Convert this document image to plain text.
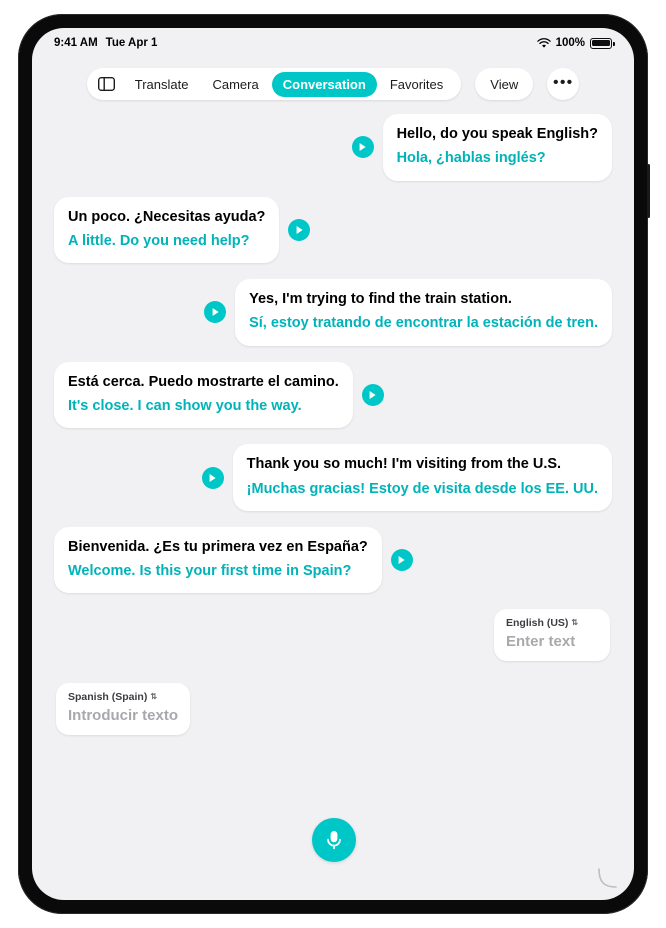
9:41 AM Tue Apr 1	100%
Translate	Camera	Conversation	Favorites	View	•••
Hello, do you speak English?
Hola, ¿hablas inglés?
Un poco. ¿Necesitas ayuda?
A little. Do you need help?
Yes, I'm trying to find the train station.
Sí, estoy tratando de encontrar la estación de tren.
Está cerca. Puedo mostrarte el camino.
It's close. I can show you the way.
Thank you so much! I'm visiting from the U.S.
¡Muchas gracias! Estoy de visita desde los EE. UU.
Bienvenida. ¿Es tu primera vez en España?
Welcome. Is this your first time in Spain?
English (US) ⇅
Enter text
Spanish (Spain) ⇅
Introducir texto
